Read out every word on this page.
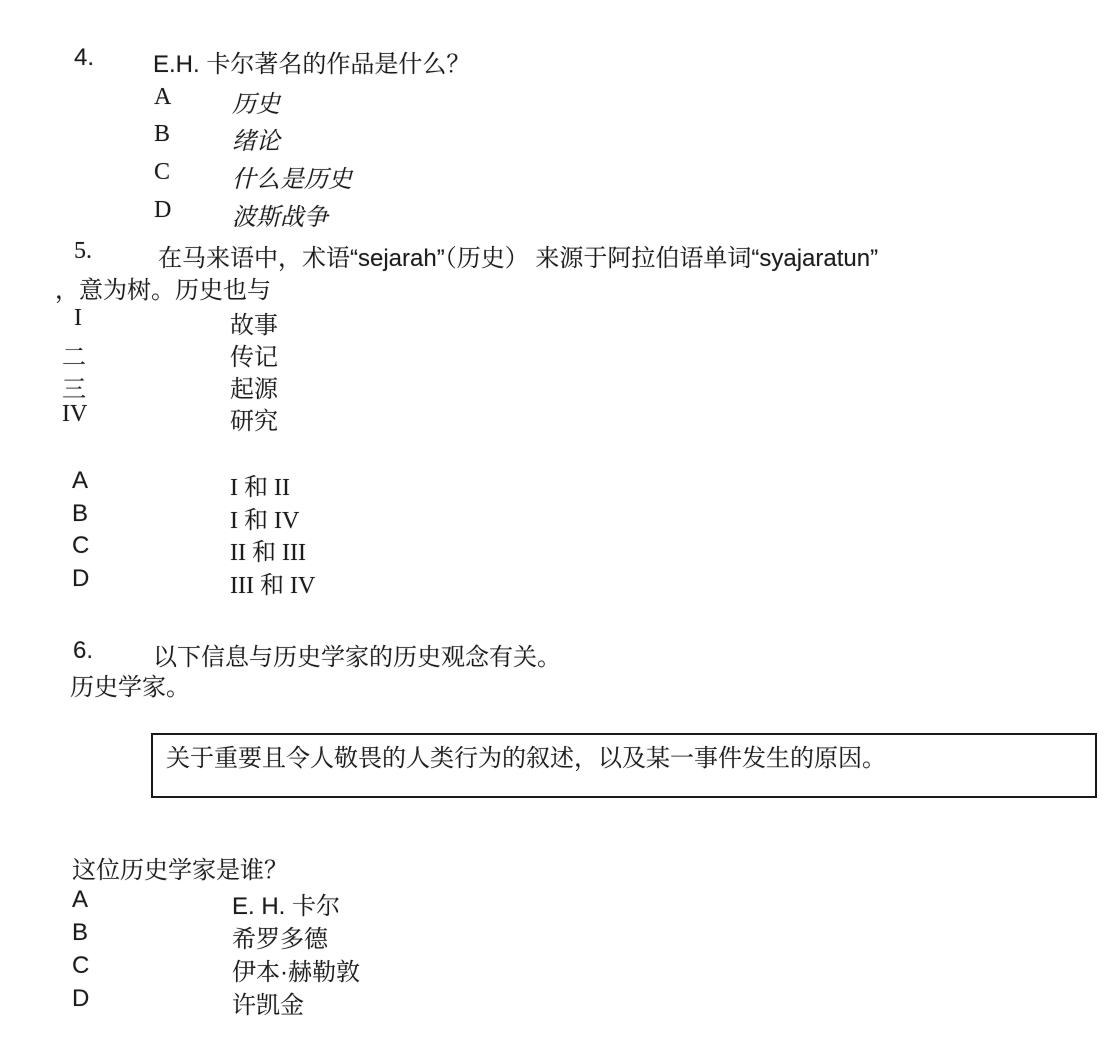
4. E.H. 卡尔著名的作品是什么？
A	历史
B	绪论
C	什么是历史
D	波斯战争
5.	在马来语中，术语“sejarah”（历史） 来源于阿拉伯语单词“syajaratun”
，意为树。历史也与
I	故事
二	传记
三	起源
IV	研究
A	I 和 II
B	I 和 IV
C	II 和 III
D	III 和 IV
6. 以下信息与历史学家的历史观念有关。
历史学家。
关于重要且令人敬畏的人类行为的叙述，以及某一事件发生的原因。
这位历史学家是谁？
A	E. H. 卡尔
B	希罗多德
C	伊本·赫勒敦
D	许凯金
